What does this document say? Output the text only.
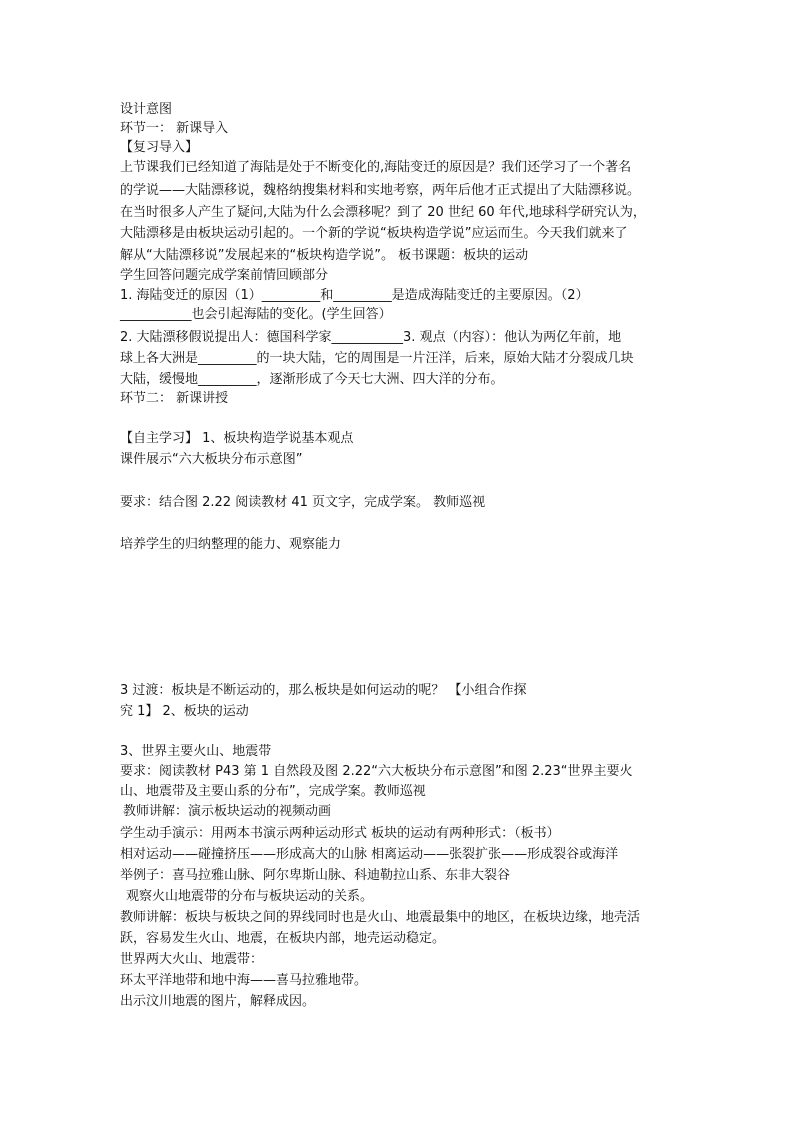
设计意图
环节一： 新课导入
【复习导入】
上节课我们已经知道了海陆是处于不断变化的,海陆变迁的原因是？我们还学习了一个著名
的学说——大陆漂移说，魏格纳搜集材料和实地考察，两年后他才正式提出了大陆漂移说。
在当时很多人产生了疑问,大陆为什么会漂移呢？到了 20 世纪 60 年代,地球科学研究认为，
大陆漂移是由板块运动引起的。一个新的学说“板块构造学说”应运而生。今天我们就来了
解从“大陆漂移说”发展起来的“板块构造学说”。 板书课题：板块的运动
学生回答问题完成学案前情回顾部分
1. 海陆变迁的原因（1）_________和_________是造成海陆变迁的主要原因。（2）
___________也会引起海陆的变化。(学生回答）
2. 大陆漂移假说提出人：德国科学家___________3. 观点（内容）：他认为两亿年前，地
球上各大洲是_________的一块大陆，它的周围是一片汪洋，后来，原始大陆才分裂成几块
大陆，缓慢地_________，逐渐形成了今天七大洲、四大洋的分布。
环节二： 新课讲授
【自主学习】 1、板块构造学说基本观点
课件展示“六大板块分布示意图”
要求：结合图 2.22 阅读教材 41 页文字，完成学案。 教师巡视
培养学生的归纳整理的能力、观察能力
3 过渡：板块是不断运动的，那么板块是如何运动的呢？ 【小组合作探
究 1】 2、板块的运动
3、世界主要火山、地震带
要求：阅读教材 P43 第 1 自然段及图 2.22“六大板块分布示意图”和图 2.23“世界主要火
山、地震带及主要山系的分布”，完成学案。教师巡视
教师讲解：演示板块运动的视频动画
学生动手演示：用两本书演示两种运动形式 板块的运动有两种形式：（板书）
相对运动——碰撞挤压——形成高大的山脉 相离运动——张裂扩张——形成裂谷或海洋
举例子：喜马拉雅山脉、阿尔卑斯山脉、科迪勒拉山系、东非大裂谷
观察火山地震带的分布与板块运动的关系。
教师讲解：板块与板块之间的界线同时也是火山、地震最集中的地区，在板块边缘，地壳活
跃，容易发生火山、地震，在板块内部，地壳运动稳定。
世界两大火山、地震带：
环太平洋地带和地中海——喜马拉雅地带。
出示汶川地震的图片，解释成因。
